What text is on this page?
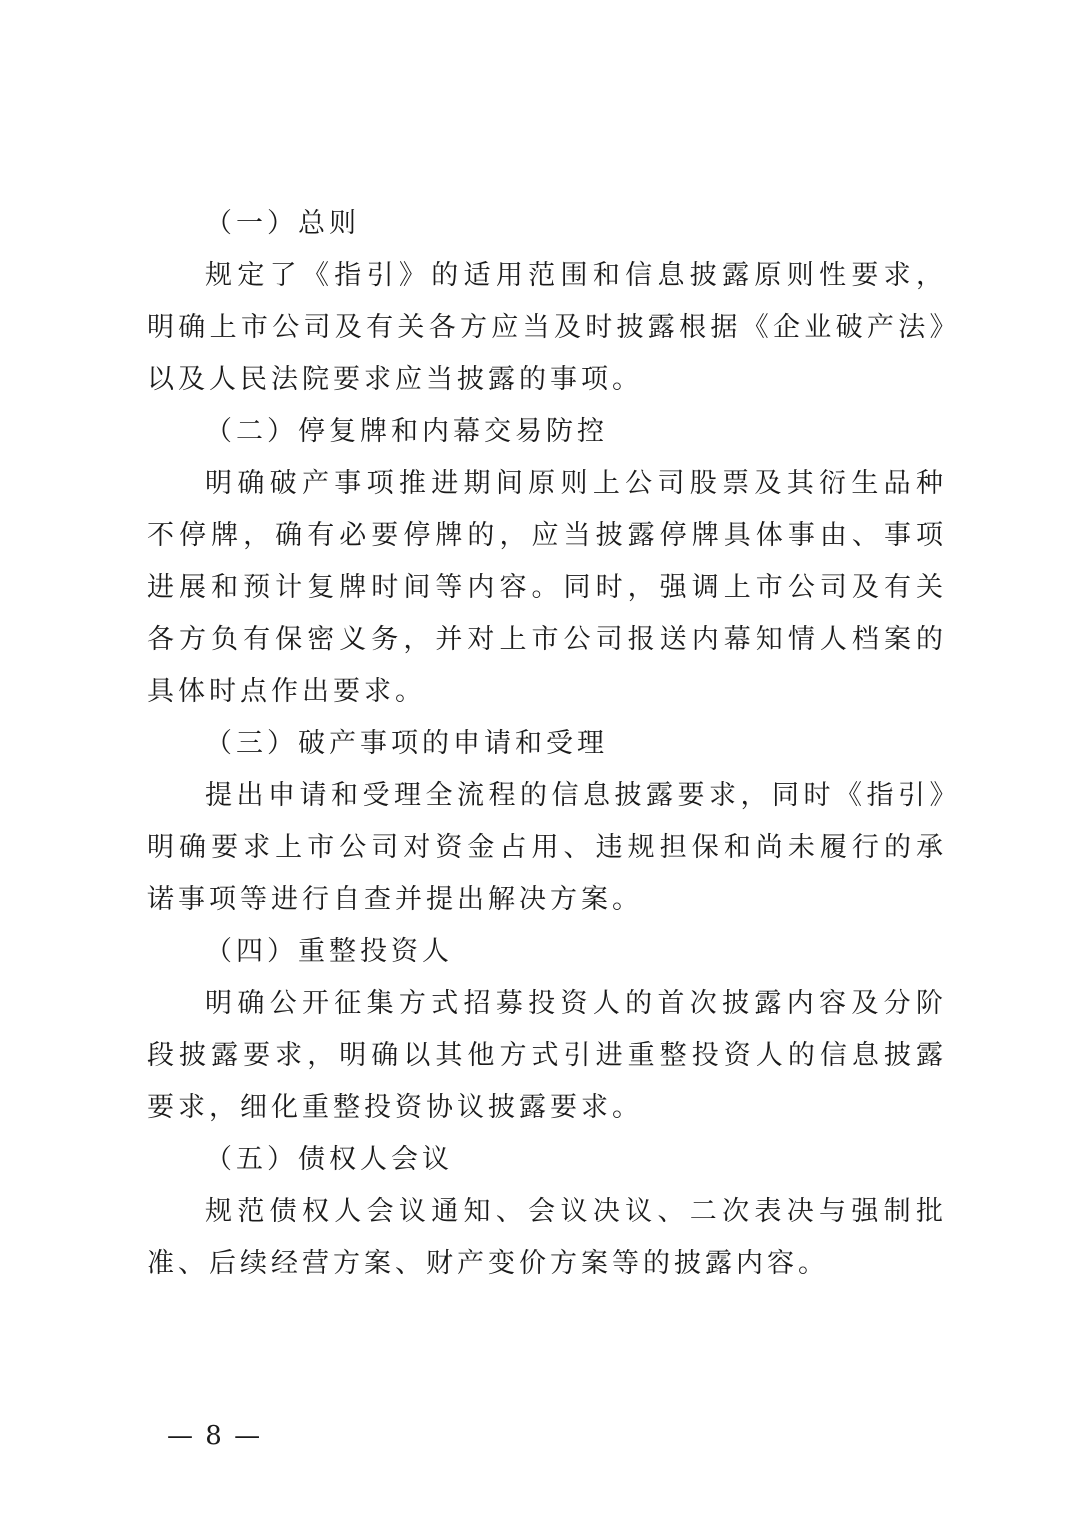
（一）总则

规定了《指引》的适用范围和信息披露原则性要求，明确上市公司及有关各方应当及时披露根据《企业破产法》以及人民法院要求应当披露的事项。

（二）停复牌和内幕交易防控

明确破产事项推进期间原则上公司股票及其衍生品种不停牌，确有必要停牌的，应当披露停牌具体事由、事项进展和预计复牌时间等内容。同时，强调上市公司及有关各方负有保密义务，并对上市公司报送内幕知情人档案的具体时点作出要求。

（三）破产事项的申请和受理

提出申请和受理全流程的信息披露要求，同时《指引》明确要求上市公司对资金占用、违规担保和尚未履行的承诺事项等进行自查并提出解决方案。

（四）重整投资人

明确公开征集方式招募投资人的首次披露内容及分阶段披露要求，明确以其他方式引进重整投资人的信息披露要求，细化重整投资协议披露要求。

（五）债权人会议

规范债权人会议通知、会议决议、二次表决与强制批准、后续经营方案、财产变价方案等的披露内容。

— 8 —
